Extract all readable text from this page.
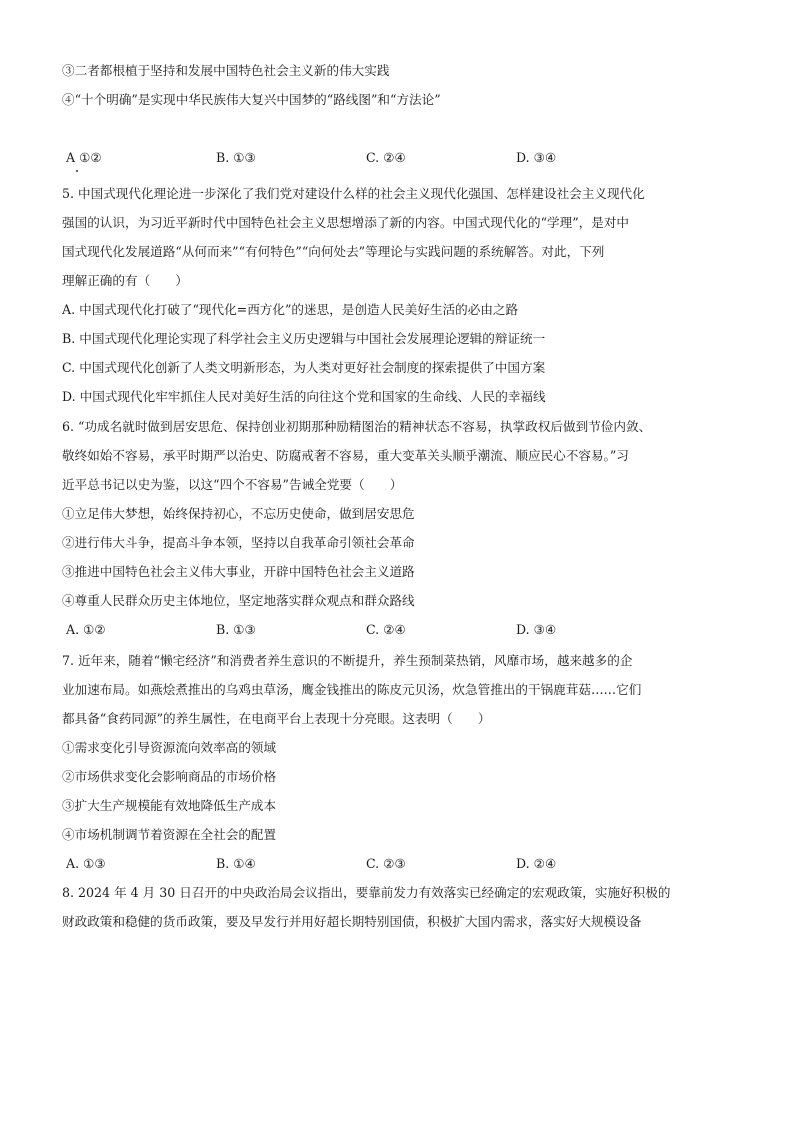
③二者都根植于坚持和发展中国特色社会主义新的伟大实践
④“十个明确”是实现中华民族伟大复兴中国梦的“路线图”和“方法论”
A ①②	B. ①③	C. ②④	D. ③④
5. 中国式现代化理论进一步深化了我们党对建设什么样的社会主义现代化强国、怎样建设社会主义现代化
强国的认识，为习近平新时代中国特色社会主义思想增添了新的内容。中国式现代化的“学理”，是对中
国式现代化发展道路“从何而来”“有何特色”“向何处去”等理论与实践问题的系统解答。对此，下列
理解正确的有（　　）
A. 中国式现代化打破了“现代化=西方化”的迷思，是创造人民美好生活的必由之路
B. 中国式现代化理论实现了科学社会主义历史逻辑与中国社会发展理论逻辑的辩证统一
C. 中国式现代化创新了人类文明新形态，为人类对更好社会制度的探索提供了中国方案
D. 中国式现代化牢牢抓住人民对美好生活的向往这个党和国家的生命线、人民的幸福线
6. “功成名就时做到居安思危、保持创业初期那种励精图治的精神状态不容易，执掌政权后做到节俭内敛、
敬终如始不容易，承平时期严以治史、防腐戒奢不容易，重大变革关头顺乎潮流、顺应民心不容易。”习
近平总书记以史为鉴，以这“四个不容易”告诫全党要（　　）
①立足伟大梦想，始终保持初心，不忘历史使命，做到居安思危
②进行伟大斗争，提高斗争本领，坚持以自我革命引领社会革命
③推进中国特色社会主义伟大事业，开辟中国特色社会主义道路
④尊重人民群众历史主体地位，坚定地落实群众观点和群众路线
A. ①②	B. ①③	C. ②④	D. ③④
7. 近年来，随着“懒宅经济”和消费者养生意识的不断提升，养生预制菜热销，风靡市场，越来越多的企
业加速布局。如燕烩煮推出的乌鸡虫草汤，鹰金钱推出的陈皮元贝汤，炊急管推出的干锅鹿茸菇……它们
都具备“食药同源”的养生属性，在电商平台上表现十分亮眼。这表明（　　）
①需求变化引导资源流向效率高的领域
②市场供求变化会影响商品的市场价格
③扩大生产规模能有效地降低生产成本
④市场机制调节着资源在全社会的配置
A. ①③	B. ①④	C. ②③	D. ②④
8. 2024 年 4 月 30 日召开的中央政治局会议指出，要靠前发力有效落实已经确定的宏观政策，实施好积极的
财政政策和稳健的货币政策，要及早发行并用好超长期特别国债，积极扩大国内需求，落实好大规模设备
